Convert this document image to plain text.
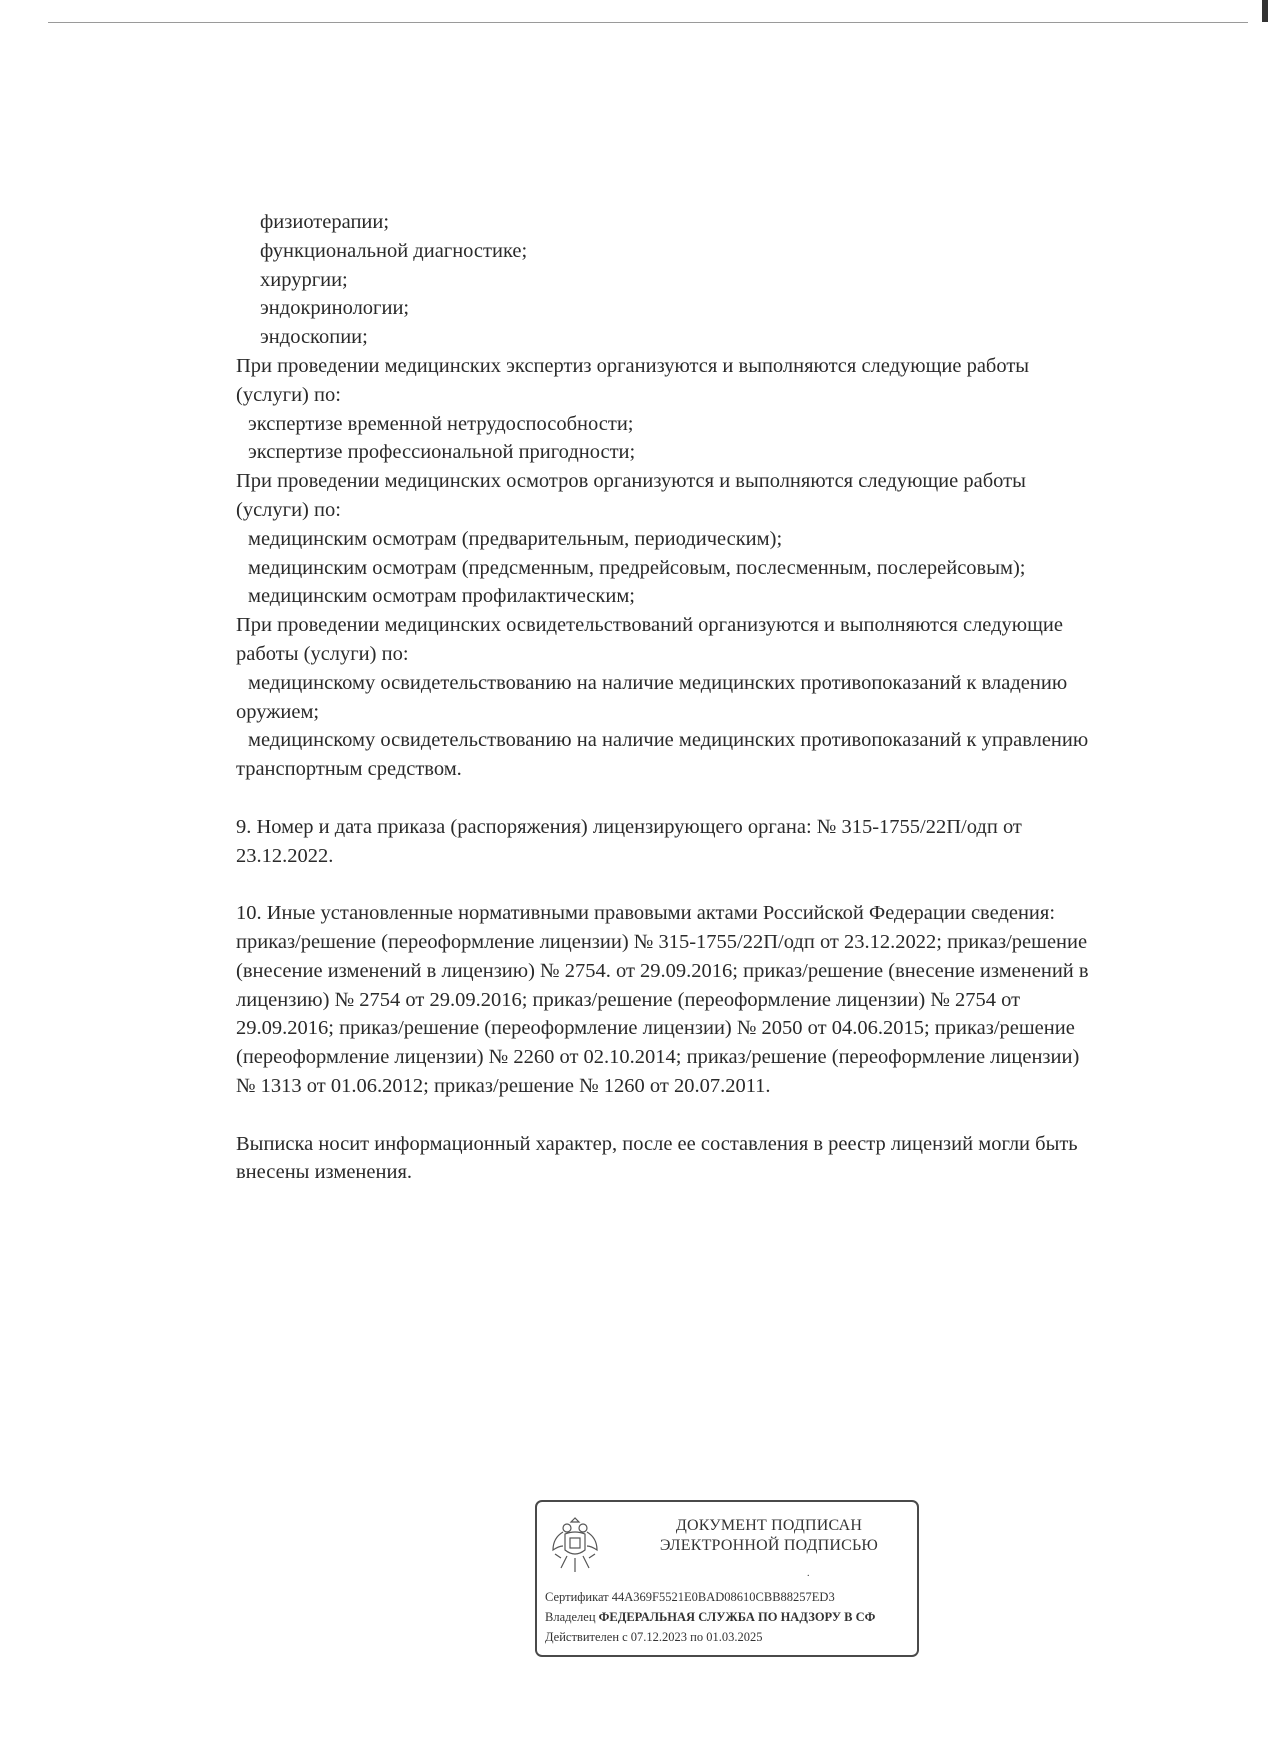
физиотерапии;
функциональной диагностике;
хирургии;
эндокринологии;
эндоскопии;
При проведении медицинских экспертиз организуются и выполняются следующие работы
(услуги) по:
экспертизе временной нетрудоспособности;
экспертизе профессиональной пригодности;
При проведении медицинских осмотров организуются и выполняются следующие работы
(услуги) по:
медицинским осмотрам (предварительным, периодическим);
медицинским осмотрам (предсменным, предрейсовым, послесменным, послерейсовым);
медицинским осмотрам профилактическим;
При проведении медицинских освидетельствований организуются и выполняются следующие
работы (услуги) по:
медицинскому освидетельствованию на наличие медицинских противопоказаний к владению
оружием;
медицинскому освидетельствованию на наличие медицинских противопоказаний к управлению
транспортным средством.
9. Номер и дата приказа (распоряжения) лицензирующего органа: № 315-1755/22П/одп от
23.12.2022.
10. Иные установленные нормативными правовыми актами Российской Федерации сведения:
приказ/решение (переоформление лицензии) № 315-1755/22П/одп от 23.12.2022; приказ/решение
(внесение изменений в лицензию) № 2754. от 29.09.2016; приказ/решение (внесение изменений в
лицензию) № 2754 от 29.09.2016; приказ/решение (переоформление лицензии) № 2754 от
29.09.2016; приказ/решение (переоформление лицензии) № 2050 от 04.06.2015; приказ/решение
(переоформление лицензии) № 2260 от 02.10.2014; приказ/решение (переоформление лицензии)
№ 1313 от 01.06.2012; приказ/решение № 1260 от 20.07.2011.
Выписка носит информационный характер, после ее составления в реестр лицензий могли быть
внесены изменения.
ДОКУМЕНТ ПОДПИСАН
ЭЛЕКТРОННОЙ ПОДПИСЬЮ
.
Сертификат 44A369F5521E0BAD08610CBB88257ED3
Владелец ФЕДЕРАЛЬНАЯ СЛУЖБА ПО НАДЗОРУ В СФ
Действителен с 07.12.2023 по 01.03.2025
